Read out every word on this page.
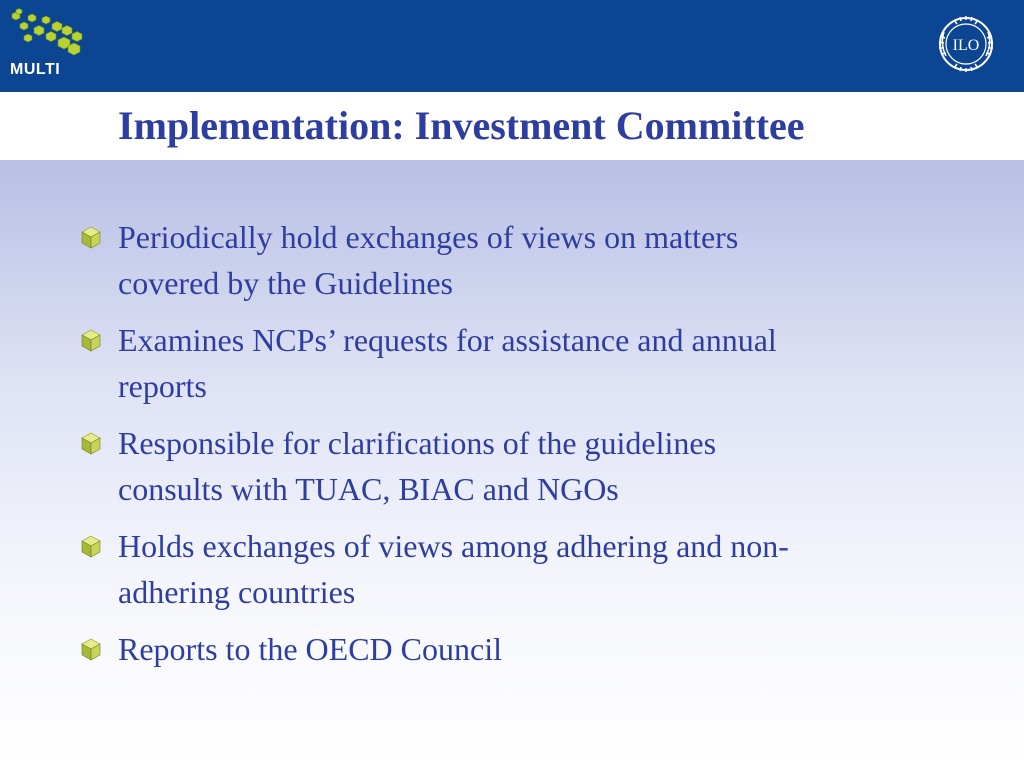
MULTI
ILO
Implementation: Investment Committee
Periodically hold exchanges of views on matters
covered by the Guidelines
Examines NCPs’ requests for assistance and annual
reports
Responsible for clarifications of the guidelines
consults with TUAC, BIAC and NGOs
Holds exchanges of views among adhering and non-
adhering countries
Reports to the OECD Council
